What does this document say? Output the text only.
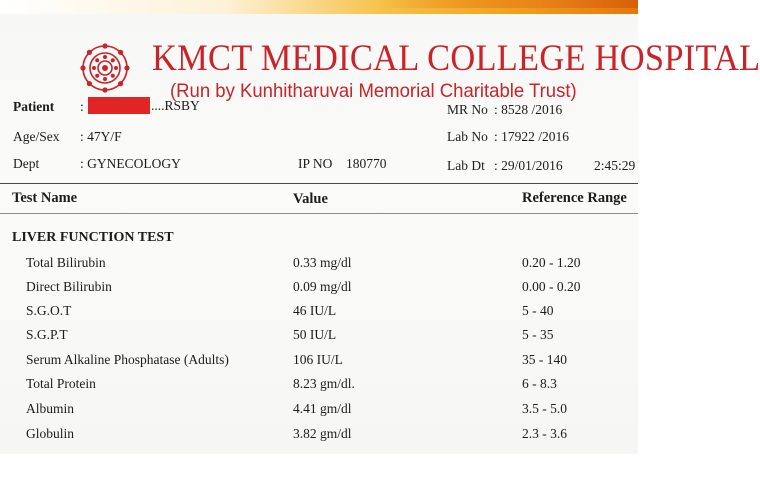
KMCT MEDICAL COLLEGE HOSPITAL
(Run by Kunhitharuvai Memorial Charitable Trust)
Patient :	....RSBY
Age/Sex : 47Y/F
Dept	: GYNECOLOGY	IP NO 180770
MR No : 8528 /2016
Lab No : 17922 /2016
Lab Dt : 29/01/2016 2:45:29
Test Name	Value	Reference Range
LIVER FUNCTION TEST
Total Bilirubin	0.33 mg/dl	0.20 - 1.20
Direct Bilirubin	0.09 mg/dl	0.00 - 0.20
S.G.O.T	46 IU/L	5 - 40
S.G.P.T	50 IU/L	5 - 35
Serum Alkaline Phosphatase (Adults)	106 IU/L	35 - 140
Total Protein	8.23 gm/dl.	6 - 8.3
Albumin	4.41 gm/dl	3.5 - 5.0
Globulin	3.82 gm/dl	2.3 - 3.6
